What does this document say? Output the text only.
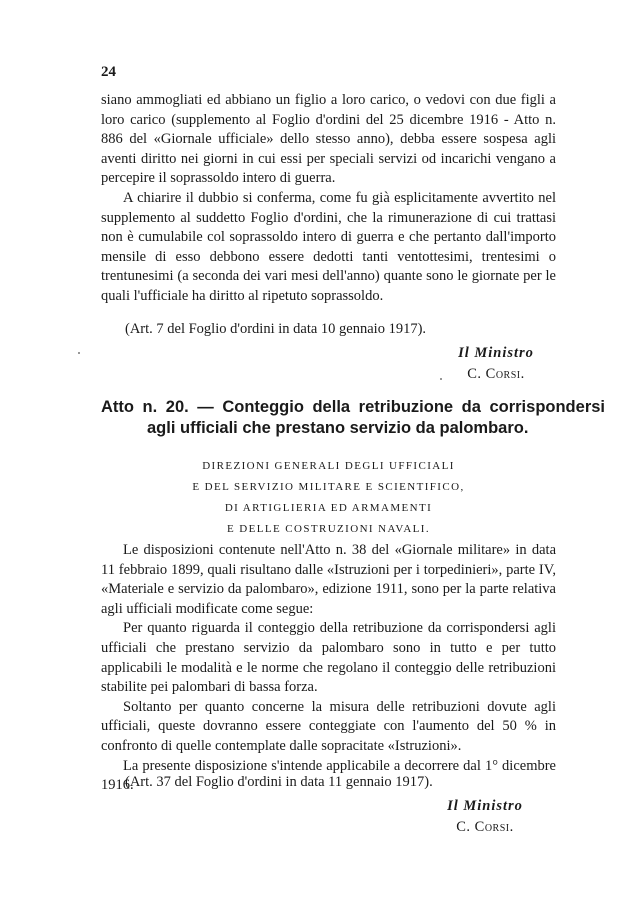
24

siano ammogliati ed abbiano un figlio a loro carico, o vedovi con due figli a loro carico (supplemento al Foglio d'ordini del 25 dicembre 1916 - Atto n. 886 del «Giornale ufficiale» dello stesso anno), debba essere sospesa agli aventi diritto nei giorni in cui essi per speciali servizi od incarichi vengano a percepire il soprassoldo intero di guerra.

A chiarire il dubbio si conferma, come fu già esplicitamente avvertito nel supplemento al suddetto Foglio d'ordini, che la rimunerazione di cui trattasi non è cumulabile col soprassoldo intero di guerra e che pertanto dall'importo mensile di esso debbono essere dedotti tanti ventottesimi, trentesimi o trentunesimi (a seconda dei vari mesi dell'anno) quante sono le giornate per le quali l'ufficiale ha diritto al ripetuto soprassoldo.

(Art. 7 del Foglio d'ordini in data 10 gennaio 1917).
Il Ministro
C. Corsi.
Atto n. 20. — Conteggio della retribuzione da corrispondersi agli ufficiali che prestano servizio da palombaro.
DIREZIONI GENERALI DEGLI UFFICIALI
E DEL SERVIZIO MILITARE E SCIENTIFICO,
DI ARTIGLIERIA ED ARMAMENTI
E DELLE COSTRUZIONI NAVALI.

Le disposizioni contenute nell'Atto n. 38 del «Giornale militare» in data 11 febbraio 1899, quali risultano dalle «Istruzioni per i torpedinieri», parte IV, «Materiale e servizio da palombaro», edizione 1911, sono per la parte relativa agli ufficiali modificate come segue:

Per quanto riguarda il conteggio della retribuzione da corrispondersi agli ufficiali che prestano servizio da palombaro sono in tutto e per tutto applicabili le modalità e le norme che regolano il conteggio delle retribuzioni stabilite pei palombari di bassa forza.

Soltanto per quanto concerne la misura delle retribuzioni dovute agli ufficiali, queste dovranno essere conteggiate con l'aumento del 50 % in confronto di quelle contemplate dalle sopracitate «Istruzioni».

La presente disposizione s'intende applicabile a decorrere dal 1° dicembre 1916.

(Art. 37 del Foglio d'ordini in data 11 gennaio 1917).
Il Ministro
C. Corsi.
